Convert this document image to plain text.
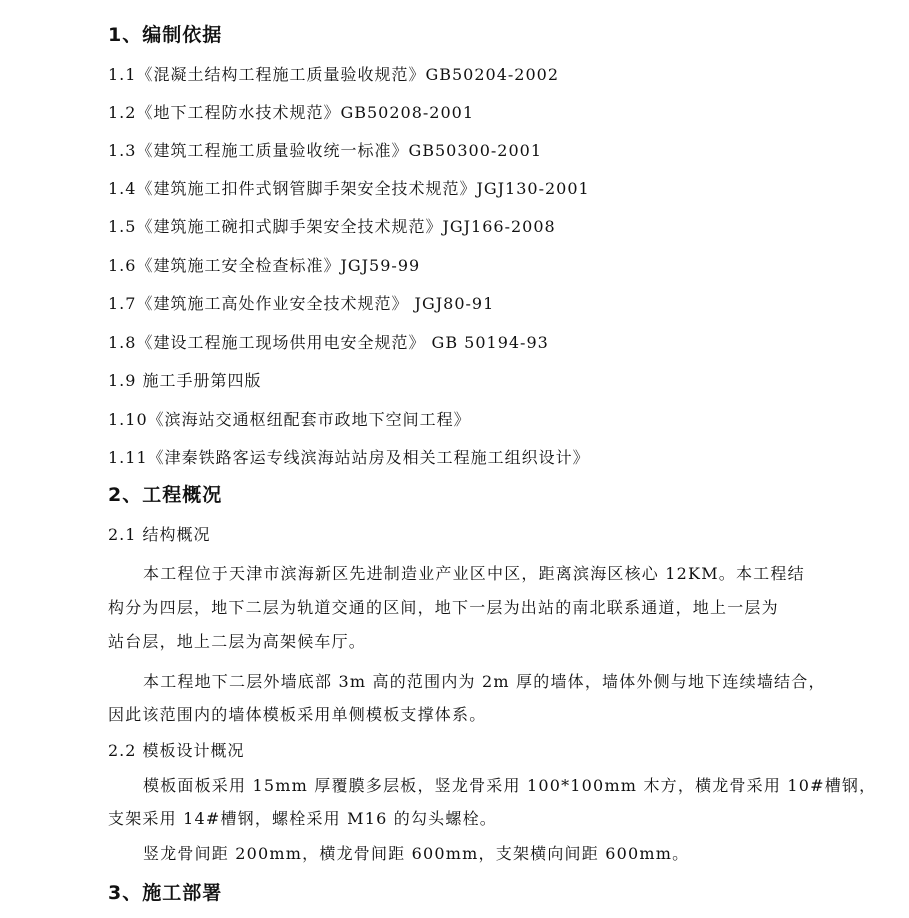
1、编制依据
1.1《混凝土结构工程施工质量验收规范》GB50204-2002
1.2《地下工程防水技术规范》GB50208-2001
1.3《建筑工程施工质量验收统一标准》GB50300-2001
1.4《建筑施工扣件式钢管脚手架安全技术规范》JGJ130-2001
1.5《建筑施工碗扣式脚手架安全技术规范》JGJ166-2008
1.6《建筑施工安全检查标准》JGJ59-99
1.7《建筑施工高处作业安全技术规范》 JGJ80-91
1.8《建设工程施工现场供用电安全规范》 GB 50194-93
1.9 施工手册第四版
1.10《滨海站交通枢纽配套市政地下空间工程》
1.11《津秦铁路客运专线滨海站站房及相关工程施工组织设计》
2、工程概况
2.1 结构概况
本工程位于天津市滨海新区先进制造业产业区中区，距离滨海区核心 12KM。本工程结
构分为四层，地下二层为轨道交通的区间，地下一层为出站的南北联系通道，地上一层为
站台层，地上二层为高架候车厅。
本工程地下二层外墙底部 3m 高的范围内为 2m 厚的墙体，墙体外侧与地下连续墙结合，
因此该范围内的墙体模板采用单侧模板支撑体系。
2.2 模板设计概况
模板面板采用 15mm 厚覆膜多层板，竖龙骨采用 100*100mm 木方，横龙骨采用 10#槽钢，
支架采用 14#槽钢，螺栓采用 M16 的勾头螺栓。
竖龙骨间距 200mm，横龙骨间距 600mm，支架横向间距 600mm。
3、施工部署
